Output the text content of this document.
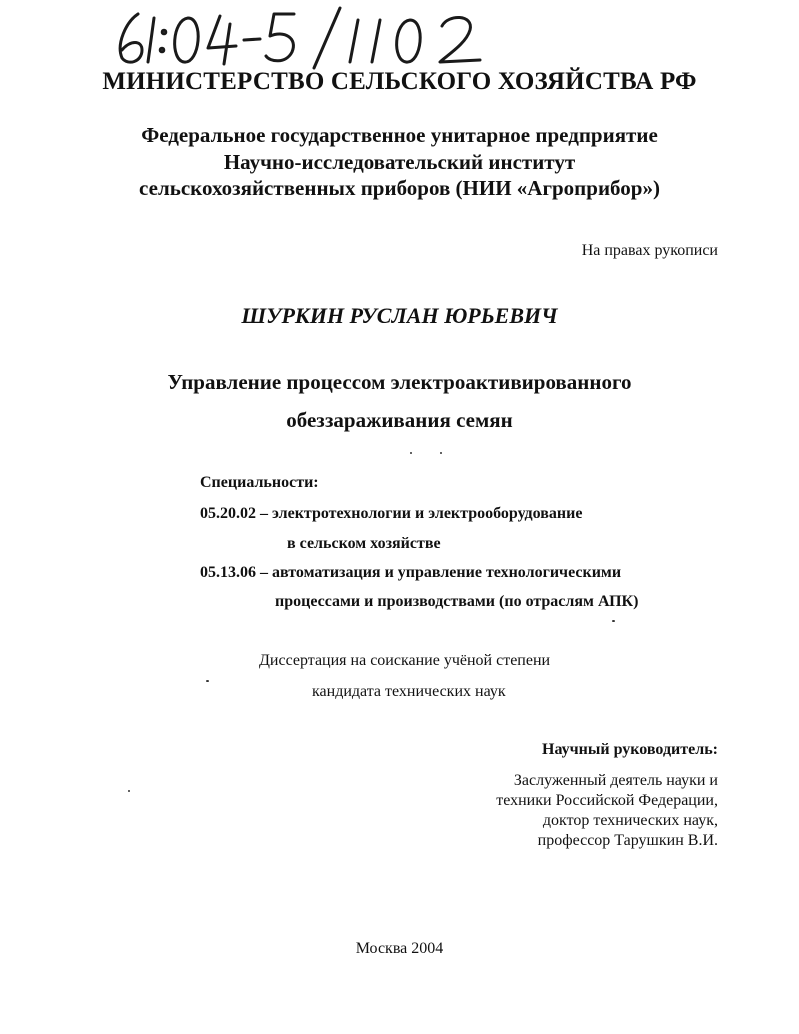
МИНИСТЕРСТВО СЕЛЬСКОГО ХОЗЯЙСТВА РФ
Федеральное государственное унитарное предприятие
Научно-исследовательский институт
сельскохозяйственных приборов (НИИ «Агроприбор»)
На правах рукописи
ШУРКИН РУСЛАН ЮРЬЕВИЧ
Управление процессом электроактивированного
обеззараживания семян
Специальности:
05.20.02 – электротехнологии и электрооборудование
в сельском хозяйстве
05.13.06 – автоматизация и управление технологическими
процессами и производствами (по отраслям АПК)
Диссертация на соискание учёной степени
кандидата технических наук
Научный руководитель:
Заслуженный деятель науки и
техники Российской Федерации,
доктор технических наук,
профессор Тарушкин В.И.
Москва 2004
